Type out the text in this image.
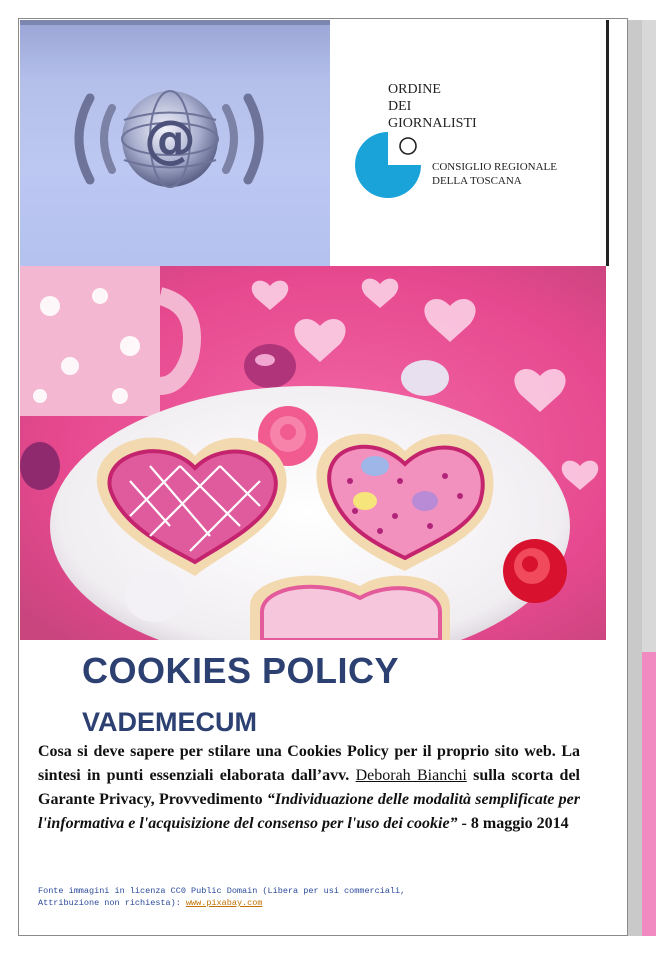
@
ORDINE
DEI
GIORNALISTI
CONSIGLIO REGIONALE
DELLA TOSCANA
COOKIES POLICY
VADEMECUM
Cosa si deve sapere per stilare una Cookies Policy per il proprio sito web. La sintesi in punti essenziali elaborata dall’avv. Deborah Bianchi sulla scorta del Garante Privacy, Provvedimento “Individuazione delle modalità semplificate per l'informativa e l'acquisizione del consenso per l'uso dei cookie” - 8 maggio 2014
Fonte immagini in licenza CC0 Public Domain (Libera per usi commerciali,
Attribuzione non richiesta): www.pixabay.com
